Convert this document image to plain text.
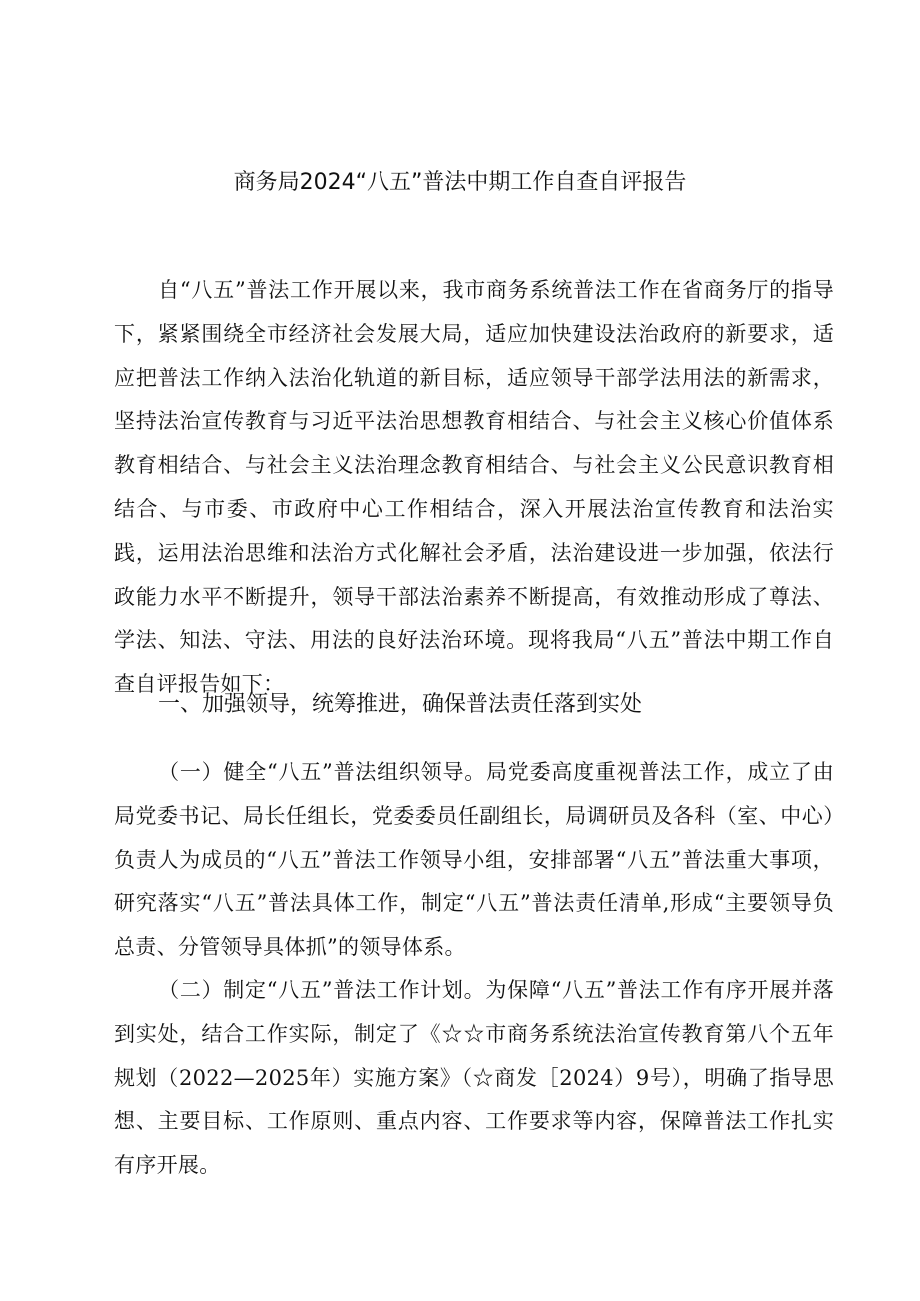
商务局2024“八五”普法中期工作自查自评报告

自“八五”普法工作开展以来，我市商务系统普法工作在省商务厅的指导下，紧紧围绕全市经济社会发展大局，适应加快建设法治政府的新要求，适应把普法工作纳入法治化轨道的新目标，适应领导干部学法用法的新需求，坚持法治宣传教育与习近平法治思想教育相结合、与社会主义核心价值体系教育相结合、与社会主义法治理念教育相结合、与社会主义公民意识教育相结合、与市委、市政府中心工作相结合，深入开展法治宣传教育和法治实践，运用法治思维和法治方式化解社会矛盾，法治建设进一步加强，依法行政能力水平不断提升，领导干部法治素养不断提高，有效推动形成了尊法、学法、知法、守法、用法的良好法治环境。现将我局“八五”普法中期工作自查自评报告如下：

一、加强领导，统筹推进，确保普法责任落到实处

（一）健全“八五”普法组织领导。局党委高度重视普法工作，成立了由局党委书记、局长任组长，党委委员任副组长，局调研员及各科（室、中心）负责人为成员的“八五”普法工作领导小组，安排部署“八五”普法重大事项，研究落实“八五”普法具体工作，制定“八五”普法责任清单,形成“主要领导负总责、分管领导具体抓”的领导体系。

（二）制定“八五”普法工作计划。为保障“八五”普法工作有序开展并落到实处，结合工作实际，制定了《☆☆市商务系统法治宣传教育第八个五年规划（2022—2025年）实施方案》（☆商发［2024）9号），明确了指导思想、主要目标、工作原则、重点内容、工作要求等内容，保障普法工作扎实有序开展。
